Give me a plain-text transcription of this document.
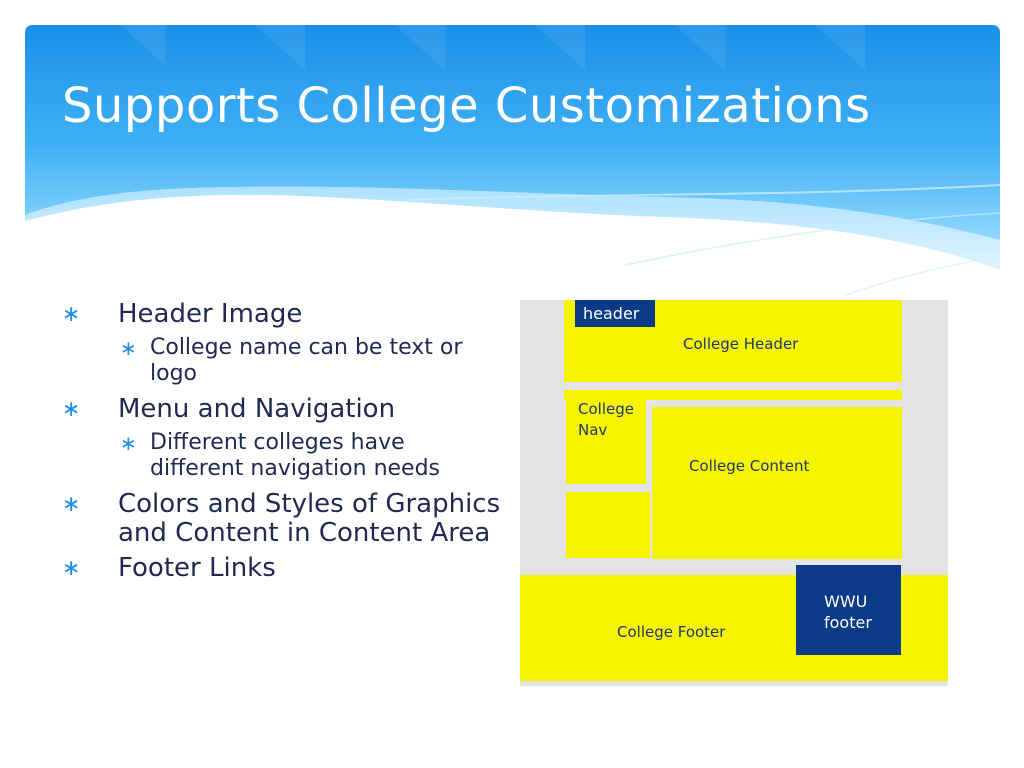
Supports College Customizations
∗ Header Image
∗ College name can be text or logo
∗ Menu and Navigation
∗ Different colleges have different navigation needs
∗ Colors and Styles of Graphics and Content in Content Area
∗ Footer Links
College Header
header
College
Nav
College Content
College Footer
WWU
footer
